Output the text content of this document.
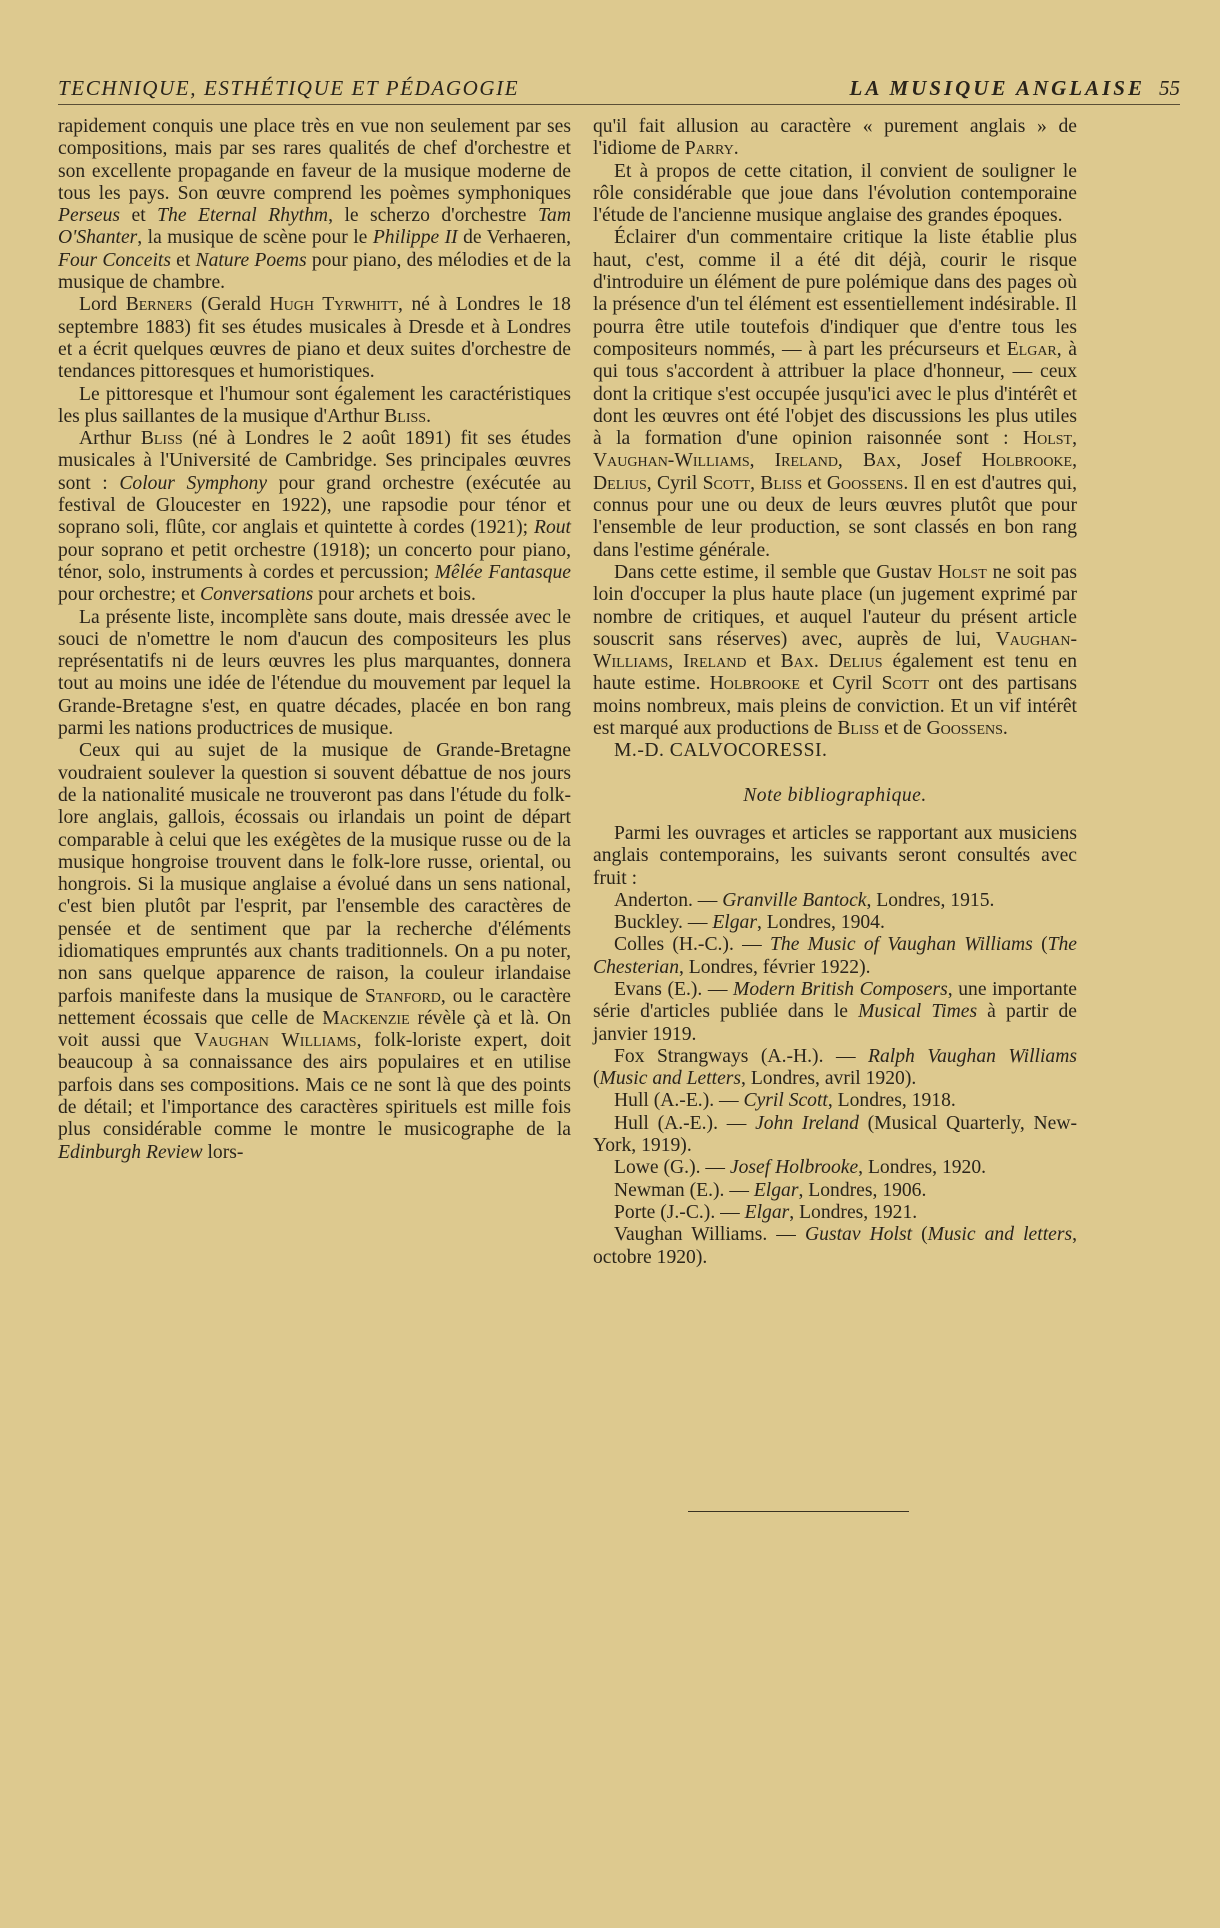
TECHNIQUE, ESTHÉTIQUE ET PÉDAGOGIE	LA MUSIQUE ANGLAISE 55

rapidement conquis une place très en vue non seulement par ses compositions, mais par ses rares qualités de chef d'orchestre et son excellente propagande en faveur de la musique moderne de tous les pays. Son œuvre comprend les poèmes symphoniques Perseus et The Eternal Rhythm, le scherzo d'orchestre Tam O'Shanter, la musique de scène pour le Philippe II de Verhaeren, Four Conceits et Nature Poems pour piano, des mélodies et de la musique de chambre.

Lord Berners (Gerald Hugh Tyrwhitt, né à Londres le 18 septembre 1883) fit ses études musicales à Dresde et à Londres et a écrit quelques œuvres de piano et deux suites d'orchestre de tendances pittoresques et humoristiques.

Le pittoresque et l'humour sont également les caractéristiques les plus saillantes de la musique d'Arthur Bliss.

Arthur Bliss (né à Londres le 2 août 1891) fit ses études musicales à l'Université de Cambridge. Ses principales œuvres sont : Colour Symphony pour grand orchestre (exécutée au festival de Gloucester en 1922), une rapsodie pour ténor et soprano soli, flûte, cor anglais et quintette à cordes (1921); Rout pour soprano et petit orchestre (1918); un concerto pour piano, ténor, solo, instruments à cordes et percussion; Mêlée Fantasque pour orchestre; et Conversations pour archets et bois.

La présente liste, incomplète sans doute, mais dressée avec le souci de n'omettre le nom d'aucun des compositeurs les plus représentatifs ni de leurs œuvres les plus marquantes, donnera tout au moins une idée de l'étendue du mouvement par lequel la Grande-Bretagne s'est, en quatre décades, placée en bon rang parmi les nations productrices de musique.

Ceux qui au sujet de la musique de Grande-Bretagne voudraient soulever la question si souvent débattue de nos jours de la nationalité musicale ne trouveront pas dans l'étude du folk-lore anglais, gallois, écossais ou irlandais un point de départ comparable à celui que les exégètes de la musique russe ou de la musique hongroise trouvent dans le folk-lore russe, oriental, ou hongrois. Si la musique anglaise a évolué dans un sens national, c'est bien plutôt par l'esprit, par l'ensemble des caractères de pensée et de sentiment que par la recherche d'éléments idiomatiques empruntés aux chants traditionnels. On a pu noter, non sans quelque apparence de raison, la couleur irlandaise parfois manifeste dans la musique de Stanford, ou le caractère nettement écossais que celle de Mackenzie révèle çà et là. On voit aussi que Vaughan Williams, folk-loriste expert, doit beaucoup à sa connaissance des airs populaires et en utilise parfois dans ses compositions. Mais ce ne sont là que des points de détail; et l'importance des caractères spirituels est mille fois plus considérable comme le montre le musicographe de la Edinburgh Review lors-

qu'il fait allusion au caractère « purement anglais » de l'idiome de Parry.

Et à propos de cette citation, il convient de souligner le rôle considérable que joue dans l'évolution contemporaine l'étude de l'ancienne musique anglaise des grandes époques.

Éclairer d'un commentaire critique la liste établie plus haut, c'est, comme il a été dit déjà, courir le risque d'introduire un élément de pure polémique dans des pages où la présence d'un tel élément est essentiellement indésirable. Il pourra être utile toutefois d'indiquer que d'entre tous les compositeurs nommés, — à part les précurseurs et Elgar, à qui tous s'accordent à attribuer la place d'honneur, — ceux dont la critique s'est occupée jusqu'ici avec le plus d'intérêt et dont les œuvres ont été l'objet des discussions les plus utiles à la formation d'une opinion raisonnée sont : Holst, Vaughan-Williams, Ireland, Bax, Josef Holbrooke, Delius, Cyril Scott, Bliss et Goossens. Il en est d'autres qui, connus pour une ou deux de leurs œuvres plutôt que pour l'ensemble de leur production, se sont classés en bon rang dans l'estime générale.

Dans cette estime, il semble que Gustav Holst ne soit pas loin d'occuper la plus haute place (un jugement exprimé par nombre de critiques, et auquel l'auteur du présent article souscrit sans réserves) avec, auprès de lui, Vaughan-Williams, Ireland et Bax. Delius également est tenu en haute estime. Holbrooke et Cyril Scott ont des partisans moins nombreux, mais pleins de conviction. Et un vif intérêt est marqué aux productions de Bliss et de Goossens.

M.-D. CALVOCORESSI.

Note bibliographique.

Parmi les ouvrages et articles se rapportant aux musiciens anglais contemporains, les suivants seront consultés avec fruit :

Anderton. — Granville Bantock, Londres, 1915.

Buckley. — Elgar, Londres, 1904.

Colles (H.-C.). — The Music of Vaughan Williams (The Chesterian, Londres, février 1922).

Evans (E.). — Modern British Composers, une importante série d'articles publiée dans le Musical Times à partir de janvier 1919.

Fox Strangways (A.-H.). — Ralph Vaughan Williams (Music and Letters, Londres, avril 1920).

Hull (A.-E.). — Cyril Scott, Londres, 1918.

Hull (A.-E.). — John Ireland (Musical Quarterly, New-York, 1919).

Lowe (G.). — Josef Holbrooke, Londres, 1920.

Newman (E.). — Elgar, Londres, 1906.

Porte (J.-C.). — Elgar, Londres, 1921.

Vaughan Williams. — Gustav Holst (Music and letters, octobre 1920).
